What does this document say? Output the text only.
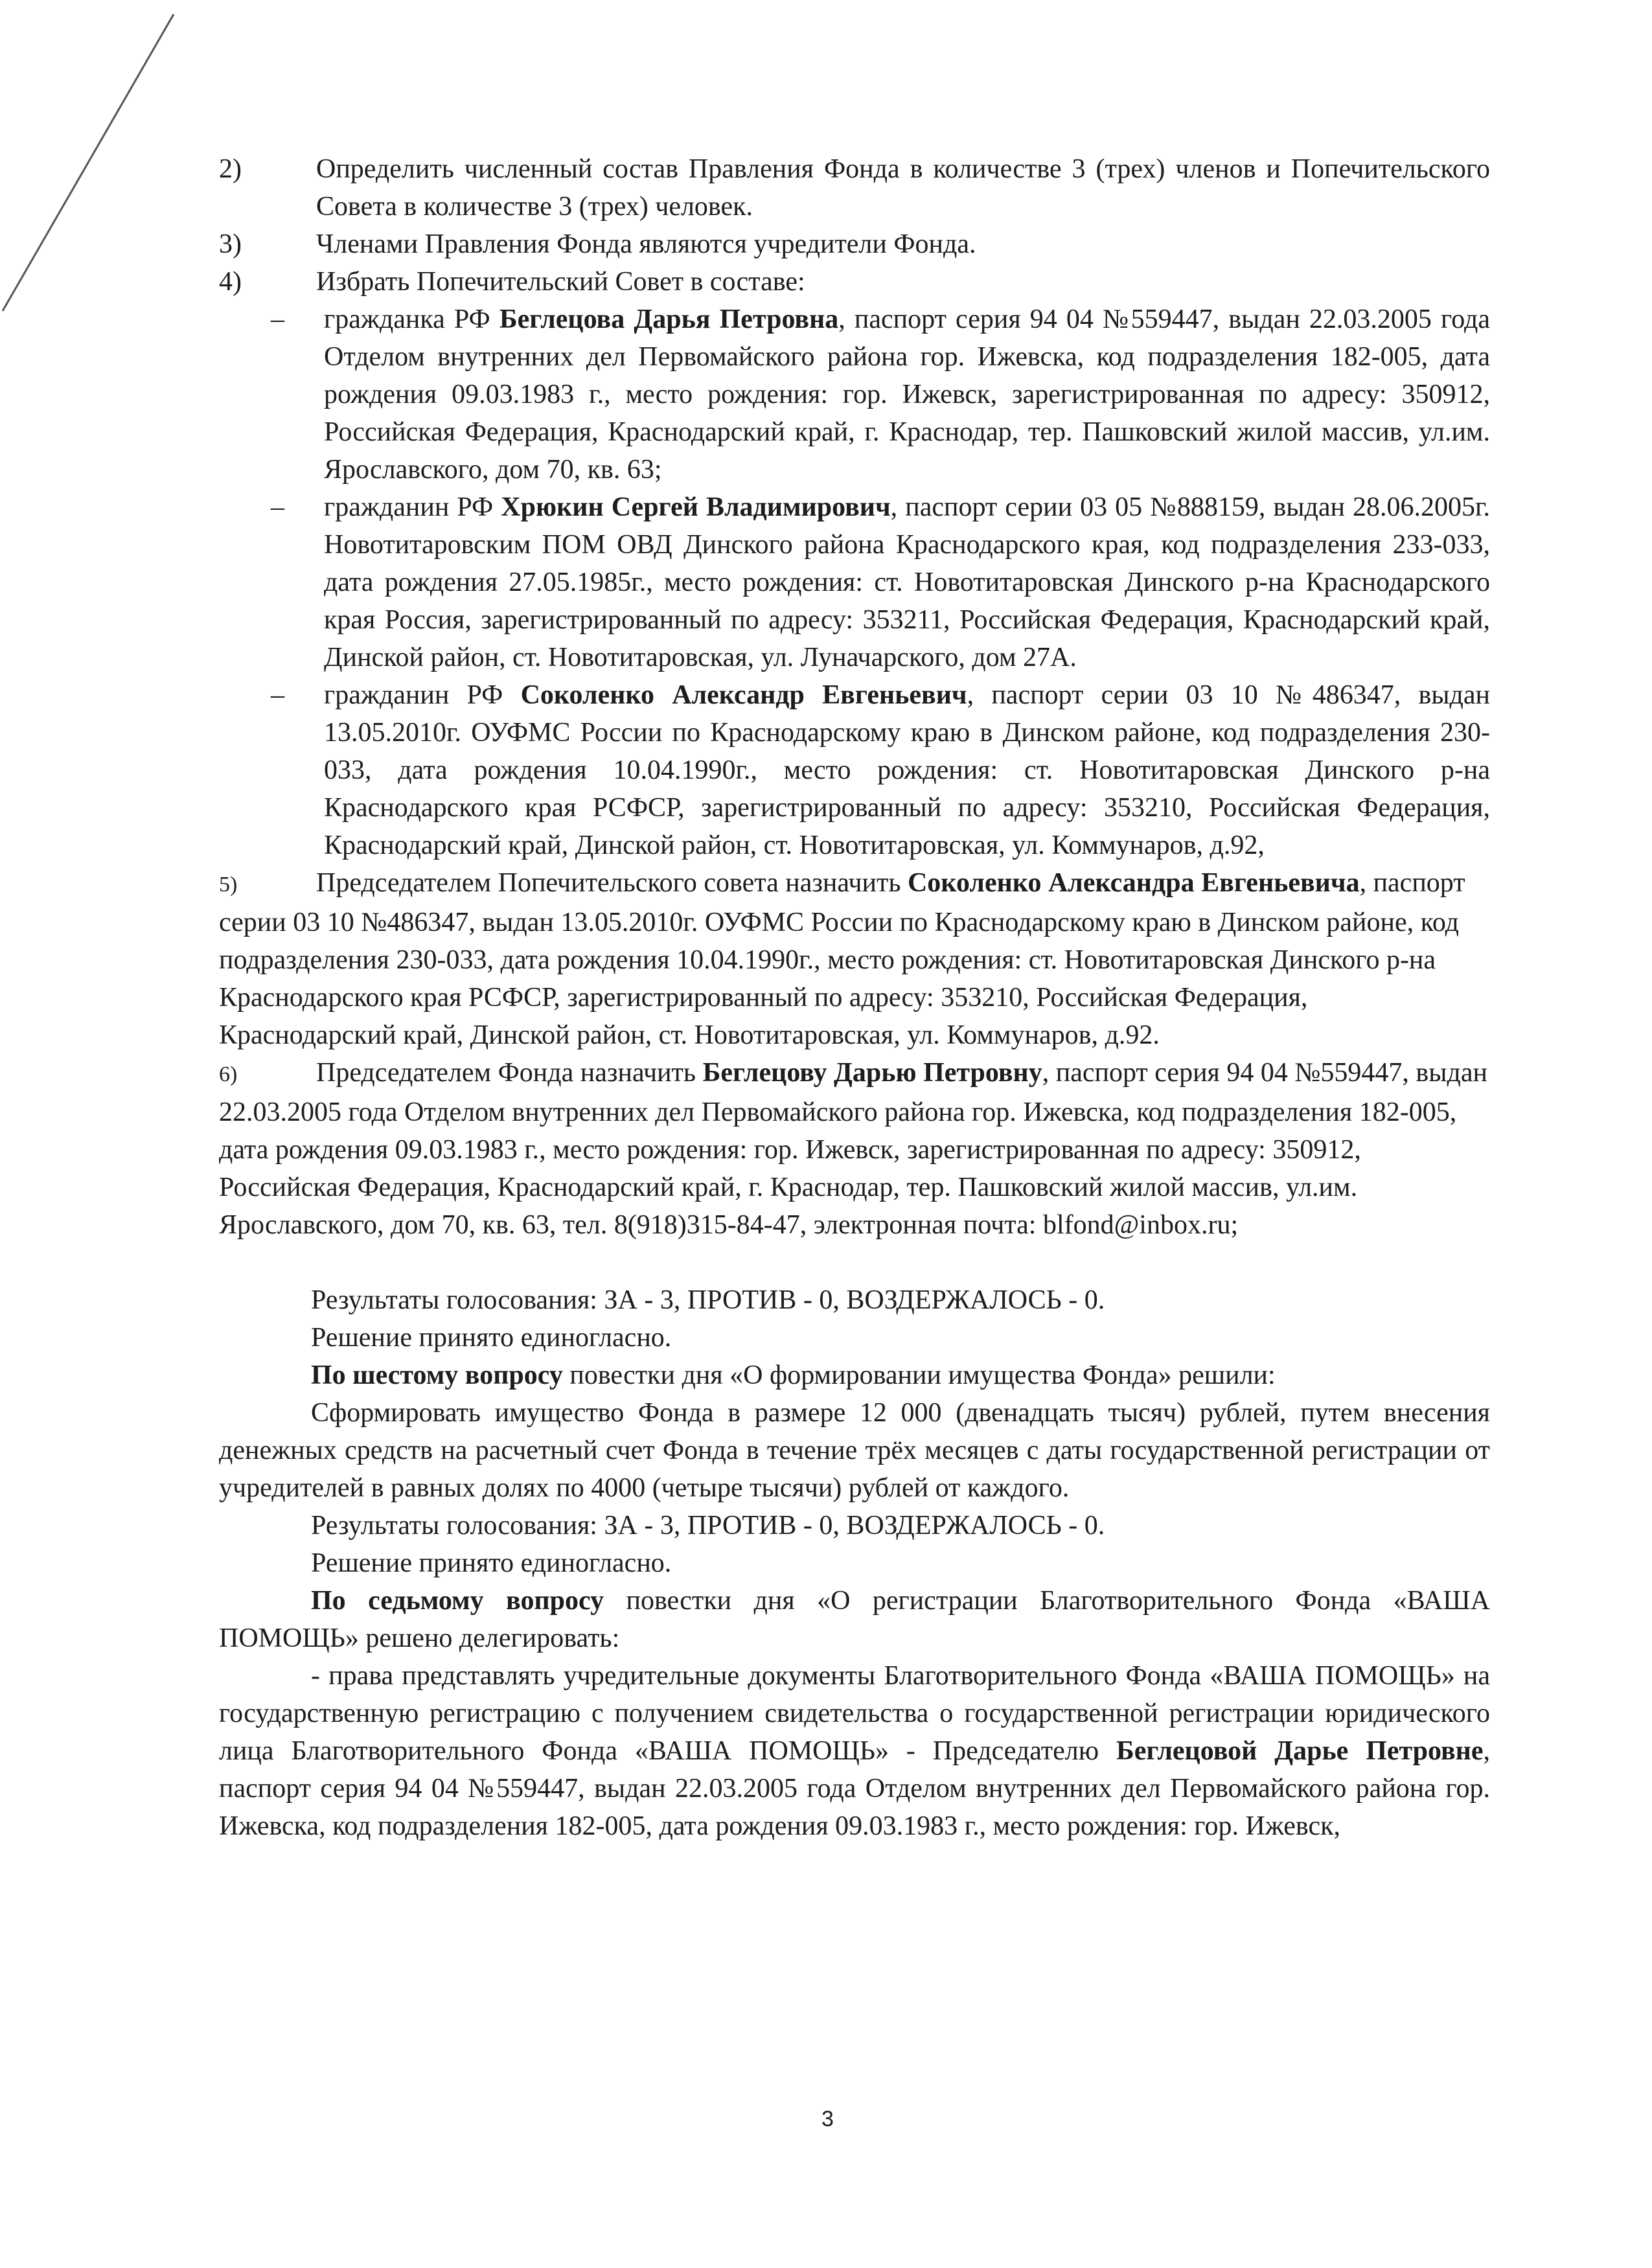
2)	Определить численный состав Правления Фонда в количестве 3 (трех) членов и Попечительского Совета в количестве 3 (трех) человек.
3)	Членами Правления Фонда являются учредители Фонда.
4)	Избрать Попечительский Совет в составе:
–	гражданка РФ Беглецова Дарья Петровна, паспорт серия 94 04 №559447, выдан 22.03.2005 года Отделом внутренних дел Первомайского района гор. Ижевска, код подразделения 182-005, дата рождения 09.03.1983 г., место рождения: гор. Ижевск, зарегистрированная по адресу: 350912, Российская Федерация, Краснодарский край, г. Краснодар, тер. Пашковский жилой массив, ул.им. Ярославского, дом 70, кв. 63;
–	гражданин РФ Хрюкин Сергей Владимирович, паспорт серии 03 05 №888159, выдан 28.06.2005г. Новотитаровским ПОМ ОВД Динского района Краснодарского края, код подразделения 233-033, дата рождения 27.05.1985г., место рождения: ст. Новотитаровская Динского р-на Краснодарского края Россия, зарегистрированный по адресу: 353211, Российская Федерация, Краснодарский край, Динской район, ст. Новотитаровская, ул. Луначарского, дом 27А.
–	гражданин РФ Соколенко Александр Евгеньевич, паспорт серии 03 10 №486347, выдан 13.05.2010г. ОУФМС России по Краснодарскому краю в Динском районе, код подразделения 230-033, дата рождения 10.04.1990г., место рождения: ст. Новотитаровская Динского р-на Краснодарского края РСФСР, зарегистрированный по адресу: 353210, Российская Федерация, Краснодарский край, Динской район, ст. Новотитаровская, ул. Коммунаров, д.92,
5)	Председателем Попечительского совета назначить Соколенко Александра Евгеньевича, паспорт серии 03 10 №486347, выдан 13.05.2010г. ОУФМС России по Краснодарскому краю в Динском районе, код подразделения 230-033, дата рождения 10.04.1990г., место рождения: ст. Новотитаровская Динского р-на Краснодарского края РСФСР, зарегистрированный по адресу: 353210, Российская Федерация, Краснодарский край, Динской район, ст. Новотитаровская, ул. Коммунаров, д.92.
6)	Председателем Фонда назначить Беглецову Дарью Петровну, паспорт серия 94 04 №559447, выдан 22.03.2005 года Отделом внутренних дел Первомайского района гор. Ижевска, код подразделения 182-005, дата рождения 09.03.1983 г., место рождения: гор. Ижевск, зарегистрированная по адресу: 350912, Российская Федерация, Краснодарский край, г. Краснодар, тер. Пашковский жилой массив, ул.им. Ярославского, дом 70, кв. 63, тел. 8(918)315-84-47, электронная почта: blfond@inbox.ru;
Результаты голосования: ЗА - 3, ПРОТИВ - 0, ВОЗДЕРЖАЛОСЬ - 0.
Решение принято единогласно.
По шестому вопросу повестки дня «О формировании имущества Фонда» решили:
Сформировать имущество Фонда в размере 12 000 (двенадцать тысяч) рублей, путем внесения денежных средств на расчетный счет Фонда в течение трёх месяцев с даты государственной регистрации от учредителей в равных долях по 4000 (четыре тысячи) рублей от каждого.
Результаты голосования: ЗА - 3, ПРОТИВ - 0, ВОЗДЕРЖАЛОСЬ - 0.
Решение принято единогласно.
По седьмому вопросу повестки дня «О регистрации Благотворительного Фонда «ВАША ПОМОЩЬ» решено делегировать:
- права представлять учредительные документы Благотворительного Фонда «ВАША ПОМОЩЬ» на государственную регистрацию с получением свидетельства о государственной регистрации юридического лица Благотворительного Фонда «ВАША ПОМОЩЬ» - Председателю Беглецовой Дарье Петровне, паспорт серия 94 04 №559447, выдан 22.03.2005 года Отделом внутренних дел Первомайского района гор. Ижевска, код подразделения 182-005, дата рождения 09.03.1983 г., место рождения: гор. Ижевск,
3
